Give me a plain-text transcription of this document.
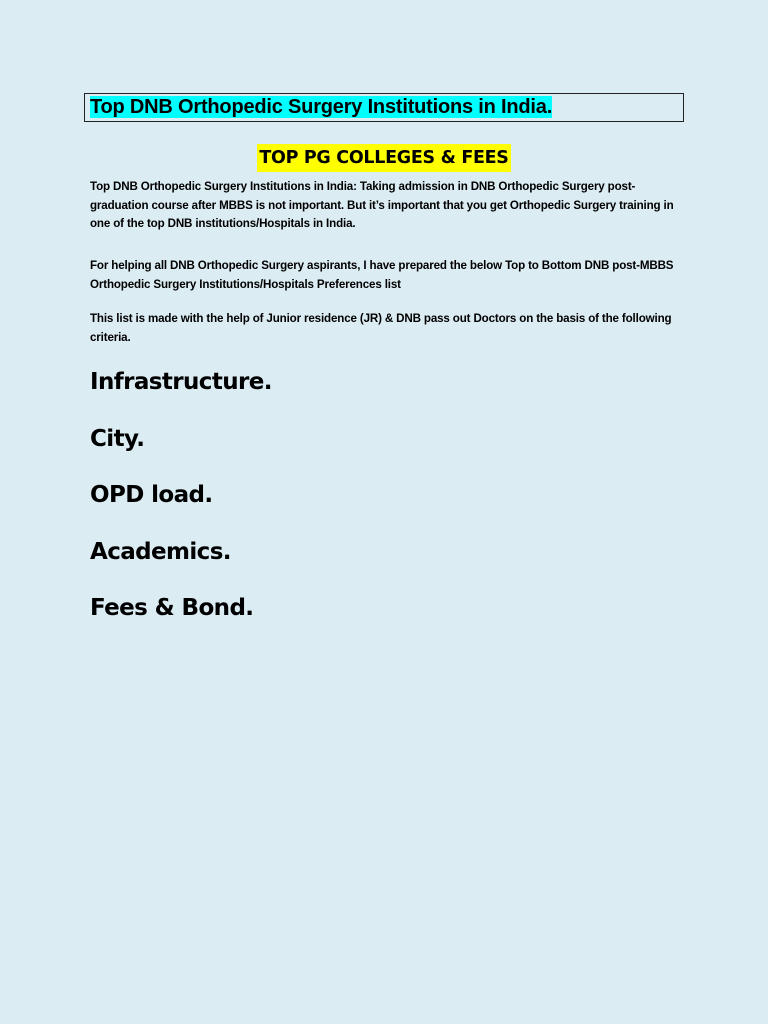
Top DNB Orthopedic Surgery Institutions in India.
TOP PG COLLEGES & FEES

Top DNB Orthopedic Surgery Institutions in India: Taking admission in DNB Orthopedic Surgery post-graduation course after MBBS is not important. But it’s important that you get Orthopedic Surgery training in one of the top DNB institutions/Hospitals in India.

For helping all DNB Orthopedic Surgery aspirants, I have prepared the below Top to Bottom DNB post-MBBS Orthopedic Surgery Institutions/Hospitals Preferences list

This list is made with the help of Junior residence (JR) & DNB pass out Doctors on the basis of the following criteria.

Infrastructure.
City.
OPD load.
Academics.
Fees & Bond.
